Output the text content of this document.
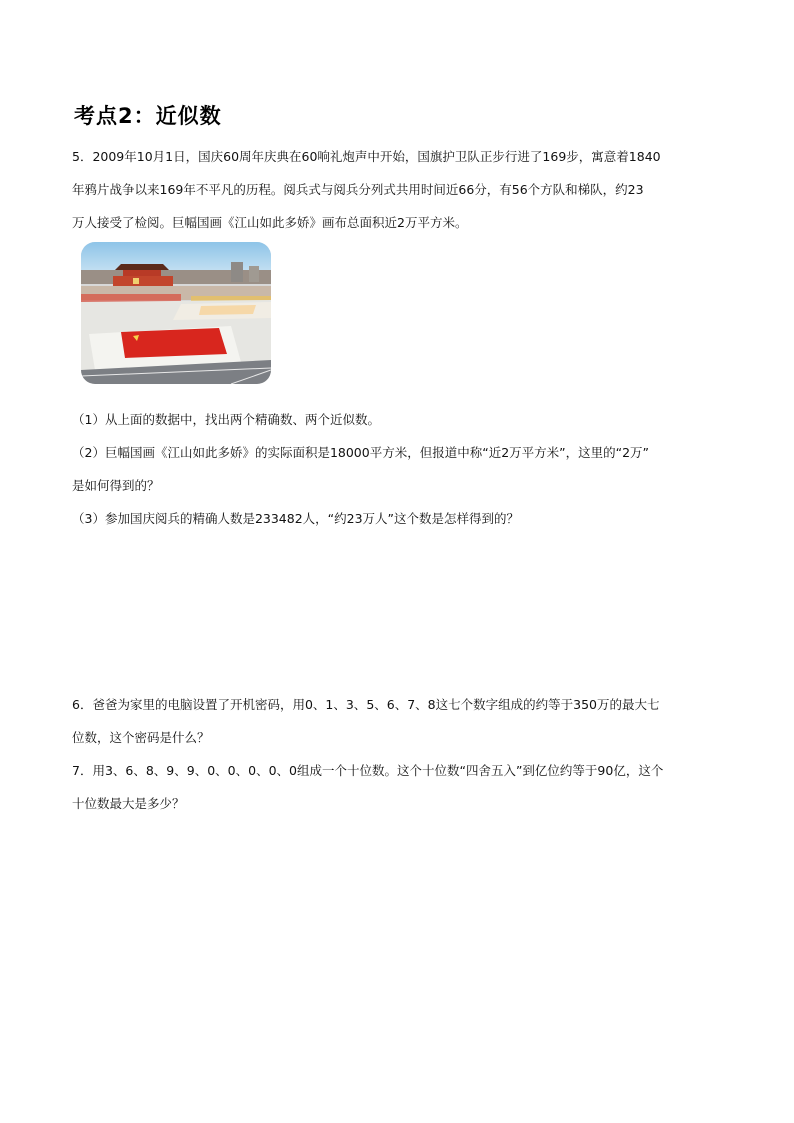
考点2：近似数
5．2009年10月1日，国庆60周年庆典在60响礼炮声中开始，国旗护卫队正步行进了169步，寓意着1840
年鸦片战争以来169年不平凡的历程。阅兵式与阅兵分列式共用时间近66分，有56个方队和梯队，约23
万人接受了检阅。巨幅国画《江山如此多娇》画布总面积近2万平方米。
（1）从上面的数据中，找出两个精确数、两个近似数。
（2）巨幅国画《江山如此多娇》的实际面积是18000平方米，但报道中称“近2万平方米”，这里的“2万”
是如何得到的？
（3）参加国庆阅兵的精确人数是233482人，“约23万人”这个数是怎样得到的？
6．爸爸为家里的电脑设置了开机密码，用0、1、3、5、6、7、8这七个数字组成的约等于350万的最大七
位数，这个密码是什么？
7．用3、6、8、9、9、0、0、0、0、0组成一个十位数。这个十位数“四舍五入”到亿位约等于90亿，这个
十位数最大是多少？
